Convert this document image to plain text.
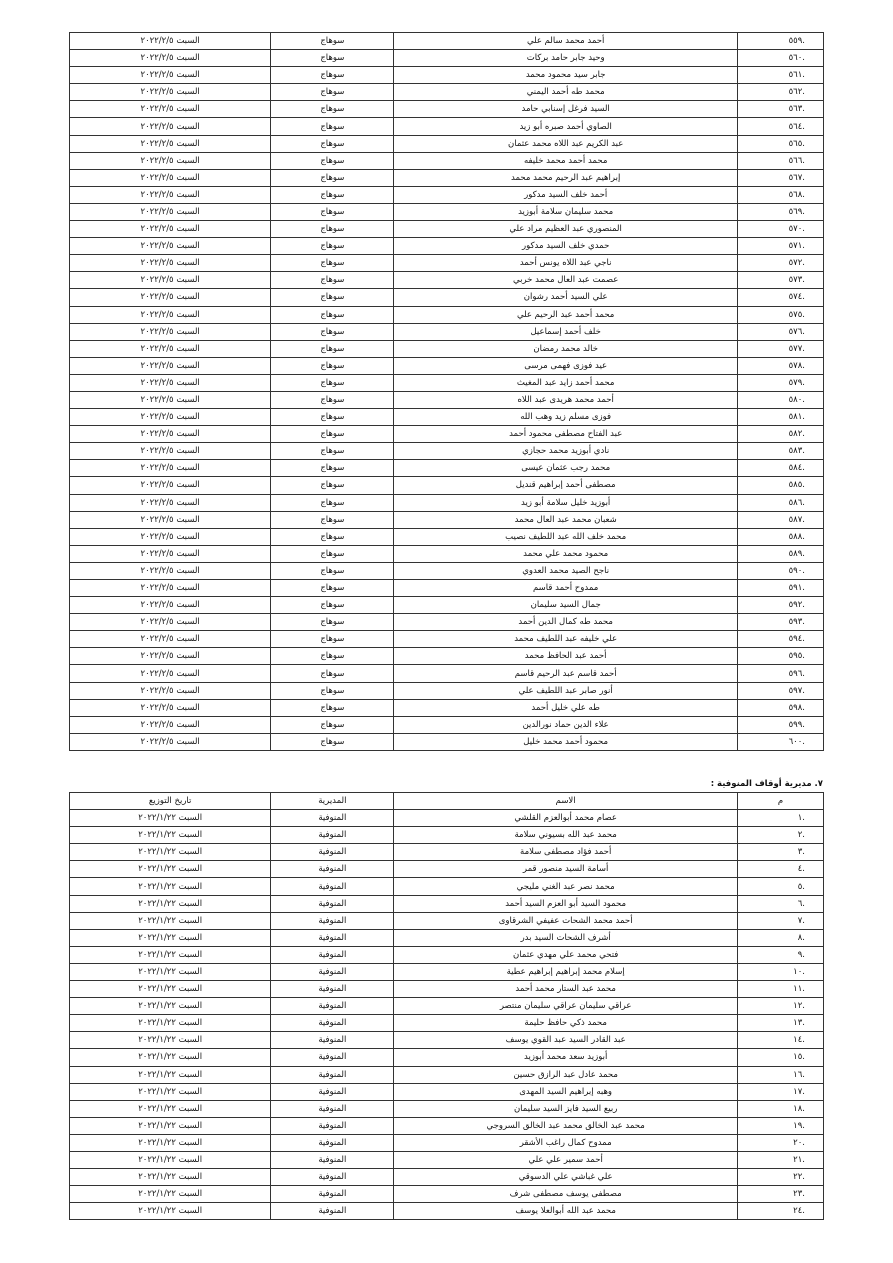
.٥٥٩	أحمد محمد سالم علي	سوهاج	السبت ٢٠٢٢/٢/٥
.٥٦٠	وحيد جابر حامد بركات	سوهاج	السبت ٢٠٢٢/٢/٥
.٥٦١	جابر سيد محمود محمد	سوهاج	السبت ٢٠٢٢/٢/٥
.٥٦٢	محمد طه أحمد اليمني	سوهاج	السبت ٢٠٢٢/٢/٥
.٥٦٣	السيد فرغل إسنابي حامد	سوهاج	السبت ٢٠٢٢/٢/٥
.٥٦٤	الصاوي أحمد صبره أبو زيد	سوهاج	السبت ٢٠٢٢/٢/٥
.٥٦٥	عبد الكريم عبد اللاه محمد عثمان	سوهاج	السبت ٢٠٢٢/٢/٥
.٥٦٦	محمد أحمد محمد خليفه	سوهاج	السبت ٢٠٢٢/٢/٥
.٥٦٧	إبراهيم عبد الرحيم محمد محمد	سوهاج	السبت ٢٠٢٢/٢/٥
.٥٦٨	أحمد خلف السيد مدكور	سوهاج	السبت ٢٠٢٢/٢/٥
.٥٦٩	محمد سليمان سلامة أبوزيد	سوهاج	السبت ٢٠٢٢/٢/٥
.٥٧٠	المنصوري عبد العظيم مراد علي	سوهاج	السبت ٢٠٢٢/٢/٥
.٥٧١	حمدي خلف السيد مدكور	سوهاج	السبت ٢٠٢٢/٢/٥
.٥٧٢	ناجي عبد اللاه يونس أحمد	سوهاج	السبت ٢٠٢٢/٢/٥
.٥٧٣	عصمت عبد العال محمد خربي	سوهاج	السبت ٢٠٢٢/٢/٥
.٥٧٤	علي السيد أحمد رشوان	سوهاج	السبت ٢٠٢٢/٢/٥
.٥٧٥	محمد أحمد عبد الرحيم علي	سوهاج	السبت ٢٠٢٢/٢/٥
.٥٧٦	خلف أحمد إسماعيل	سوهاج	السبت ٢٠٢٢/٢/٥
.٥٧٧	خالد محمد رمضان	سوهاج	السبت ٢٠٢٢/٢/٥
.٥٧٨	عيد فوزى فهمى مرسى	سوهاج	السبت ٢٠٢٢/٢/٥
.٥٧٩	محمد أحمد زايد عبد المغيث	سوهاج	السبت ٢٠٢٢/٢/٥
.٥٨٠	أحمد محمد هريدى عبد اللاه	سوهاج	السبت ٢٠٢٢/٢/٥
.٥٨١	فوزى مسلم زيد وهب الله	سوهاج	السبت ٢٠٢٢/٢/٥
.٥٨٢	عبد الفتاح مصطفى محمود أحمد	سوهاج	السبت ٢٠٢٢/٢/٥
.٥٨٣	نادي أبوزيد محمد حجازي	سوهاج	السبت ٢٠٢٢/٢/٥
.٥٨٤	محمد رجب عثمان عيسى	سوهاج	السبت ٢٠٢٢/٢/٥
.٥٨٥	مصطفى أحمد إبراهيم قنديل	سوهاج	السبت ٢٠٢٢/٢/٥
.٥٨٦	أبوزيد خليل سلامة أبو زيد	سوهاج	السبت ٢٠٢٢/٢/٥
.٥٨٧	شعبان محمد عبد العال محمد	سوهاج	السبت ٢٠٢٢/٢/٥
.٥٨٨	محمد خلف الله عبد اللطيف نصيب	سوهاج	السبت ٢٠٢٢/٢/٥
.٥٨٩	محمود محمد علي محمد	سوهاج	السبت ٢٠٢٢/٢/٥
.٥٩٠	ناجح الصيد محمد العدوي	سوهاج	السبت ٢٠٢٢/٢/٥
.٥٩١	ممدوح أحمد قاسم	سوهاج	السبت ٢٠٢٢/٢/٥
.٥٩٢	جمال السيد سليمان	سوهاج	السبت ٢٠٢٢/٢/٥
.٥٩٣	محمد طه كمال الدين أحمد	سوهاج	السبت ٢٠٢٢/٢/٥
.٥٩٤	علي خليفه عبد اللطيف محمد	سوهاج	السبت ٢٠٢٢/٢/٥
.٥٩٥	أحمد عبد الحافظ محمد	سوهاج	السبت ٢٠٢٢/٢/٥
.٥٩٦	أحمد قاسم عبد الرحيم قاسم	سوهاج	السبت ٢٠٢٢/٢/٥
.٥٩٧	أنور صابر عبد اللطيف علي	سوهاج	السبت ٢٠٢٢/٢/٥
.٥٩٨	طه علي خليل أحمد	سوهاج	السبت ٢٠٢٢/٢/٥
.٥٩٩	علاء الدين حماد نورالدين	سوهاج	السبت ٢٠٢٢/٢/٥
.٦٠٠	محمود أحمد محمد خليل	سوهاج	السبت ٢٠٢٢/٢/٥
٧. مديرية أوقاف المنوفية :
م	الاسم	المديرية	تاريخ التوزيع
.١	عصام محمد أبوالعزم القلشي	المنوفية	السبت ٢٠٢٢/١/٢٢
.٢	محمد عبد الله بسيوني سلامة	المنوفية	السبت ٢٠٢٢/١/٢٢
.٣	أحمد فؤاد مصطفى سلامة	المنوفية	السبت ٢٠٢٢/١/٢٢
.٤	أسامة السيد منصور قمر	المنوفية	السبت ٢٠٢٢/١/٢٢
.٥	محمد نصر عبد الغني مليجي	المنوفية	السبت ٢٠٢٢/١/٢٢
.٦	محمود السيد أبو العزم السيد أحمد	المنوفية	السبت ٢٠٢٢/١/٢٢
.٧	أحمد محمد الشحات عفيفي الشرقاوى	المنوفية	السبت ٢٠٢٢/١/٢٢
.٨	أشرف الشحات السيد بدر	المنوفية	السبت ٢٠٢٢/١/٢٢
.٩	فتحي محمد علي مهدي عثمان	المنوفية	السبت ٢٠٢٢/١/٢٢
.١٠	إسلام محمد إبراهيم إبراهيم عطية	المنوفية	السبت ٢٠٢٢/١/٢٢
.١١	محمد عبد الستار محمد أحمد	المنوفية	السبت ٢٠٢٢/١/٢٢
.١٢	عراقي سليمان عراقي سليمان منتصر	المنوفية	السبت ٢٠٢٢/١/٢٢
.١٣	محمد ذكي حافظ حليمة	المنوفية	السبت ٢٠٢٢/١/٢٢
.١٤	عبد القادر السيد عبد القوي يوسف	المنوفية	السبت ٢٠٢٢/١/٢٢
.١٥	أبوزيد سعد محمد أبوزيد	المنوفية	السبت ٢٠٢٢/١/٢٢
.١٦	محمد عادل عبد الرازق حسين	المنوفية	السبت ٢٠٢٢/١/٢٢
.١٧	وهبه إبراهيم السيد المهدى	المنوفية	السبت ٢٠٢٢/١/٢٢
.١٨	ربيع السيد فايز السيد سليمان	المنوفية	السبت ٢٠٢٢/١/٢٢
.١٩	محمد عبد الخالق محمد عبد الخالق السروجي	المنوفية	السبت ٢٠٢٢/١/٢٢
.٢٠	ممدوح كمال راغب الأشقر	المنوفية	السبت ٢٠٢٢/١/٢٢
.٢١	أحمد سمير علي علي	المنوفية	السبت ٢٠٢٢/١/٢٢
.٢٢	علي غباشي علي الدسوقي	المنوفية	السبت ٢٠٢٢/١/٢٢
.٢٣	مصطفى يوسف مصطفى شرف	المنوفية	السبت ٢٠٢٢/١/٢٢
.٢٤	محمد عبد الله أبوالعلا يوسف	المنوفية	السبت ٢٠٢٢/١/٢٢
